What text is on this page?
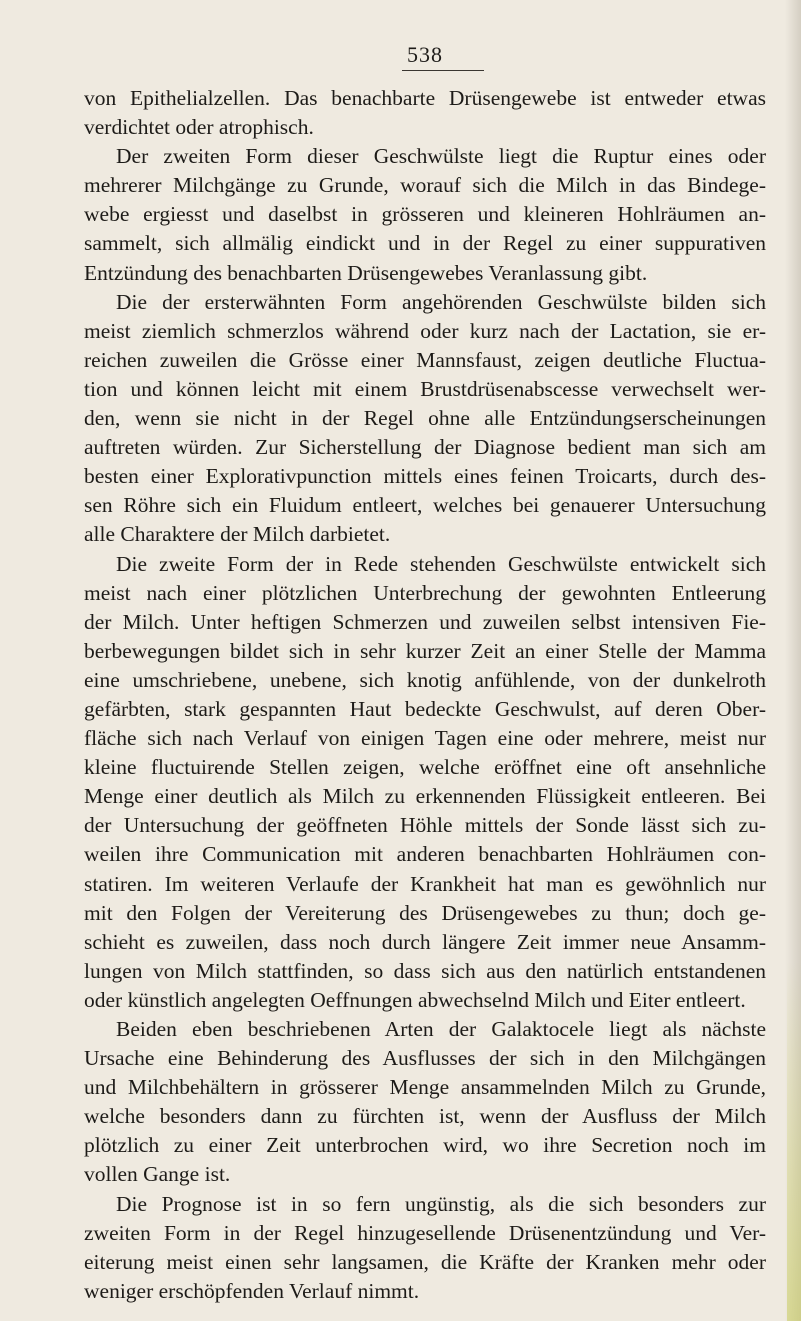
538
von Epithelialzellen. Das benachbarte Drüsengewebe ist entweder etwas
verdichtet oder atrophisch.
Der zweiten Form dieser Geschwülste liegt die Ruptur eines oder
mehrerer Milchgänge zu Grunde, worauf sich die Milch in das Bindege-
webe ergiesst und daselbst in grösseren und kleineren Hohlräumen an-
sammelt, sich allmälig eindickt und in der Regel zu einer suppurativen
Entzündung des benachbarten Drüsengewebes Veranlassung gibt.
Die der ersterwähnten Form angehörenden Geschwülste bilden sich
meist ziemlich schmerzlos während oder kurz nach der Lactation, sie er-
reichen zuweilen die Grösse einer Mannsfaust, zeigen deutliche Fluctua-
tion und können leicht mit einem Brustdrüsenabscesse verwechselt wer-
den, wenn sie nicht in der Regel ohne alle Entzündungserscheinungen
auftreten würden. Zur Sicherstellung der Diagnose bedient man sich am
besten einer Explorativpunction mittels eines feinen Troicarts, durch des-
sen Röhre sich ein Fluidum entleert, welches bei genauerer Untersuchung
alle Charaktere der Milch darbietet.
Die zweite Form der in Rede stehenden Geschwülste entwickelt sich
meist nach einer plötzlichen Unterbrechung der gewohnten Entleerung
der Milch. Unter heftigen Schmerzen und zuweilen selbst intensiven Fie-
berbewegungen bildet sich in sehr kurzer Zeit an einer Stelle der Mamma
eine umschriebene, unebene, sich knotig anfühlende, von der dunkelroth
gefärbten, stark gespannten Haut bedeckte Geschwulst, auf deren Ober-
fläche sich nach Verlauf von einigen Tagen eine oder mehrere, meist nur
kleine fluctuirende Stellen zeigen, welche eröffnet eine oft ansehnliche
Menge einer deutlich als Milch zu erkennenden Flüssigkeit entleeren. Bei
der Untersuchung der geöffneten Höhle mittels der Sonde lässt sich zu-
weilen ihre Communication mit anderen benachbarten Hohlräumen con-
statiren. Im weiteren Verlaufe der Krankheit hat man es gewöhnlich nur
mit den Folgen der Vereiterung des Drüsengewebes zu thun; doch ge-
schieht es zuweilen, dass noch durch längere Zeit immer neue Ansamm-
lungen von Milch stattfinden, so dass sich aus den natürlich entstandenen
oder künstlich angelegten Oeffnungen abwechselnd Milch und Eiter entleert.
Beiden eben beschriebenen Arten der Galaktocele liegt als nächste
Ursache eine Behinderung des Ausflusses der sich in den Milchgängen
und Milchbehältern in grösserer Menge ansammelnden Milch zu Grunde,
welche besonders dann zu fürchten ist, wenn der Ausfluss der Milch
plötzlich zu einer Zeit unterbrochen wird, wo ihre Secretion noch im
vollen Gange ist.
Die Prognose ist in so fern ungünstig, als die sich besonders zur
zweiten Form in der Regel hinzugesellende Drüsenentzündung und Ver-
eiterung meist einen sehr langsamen, die Kräfte der Kranken mehr oder
weniger erschöpfenden Verlauf nimmt.
